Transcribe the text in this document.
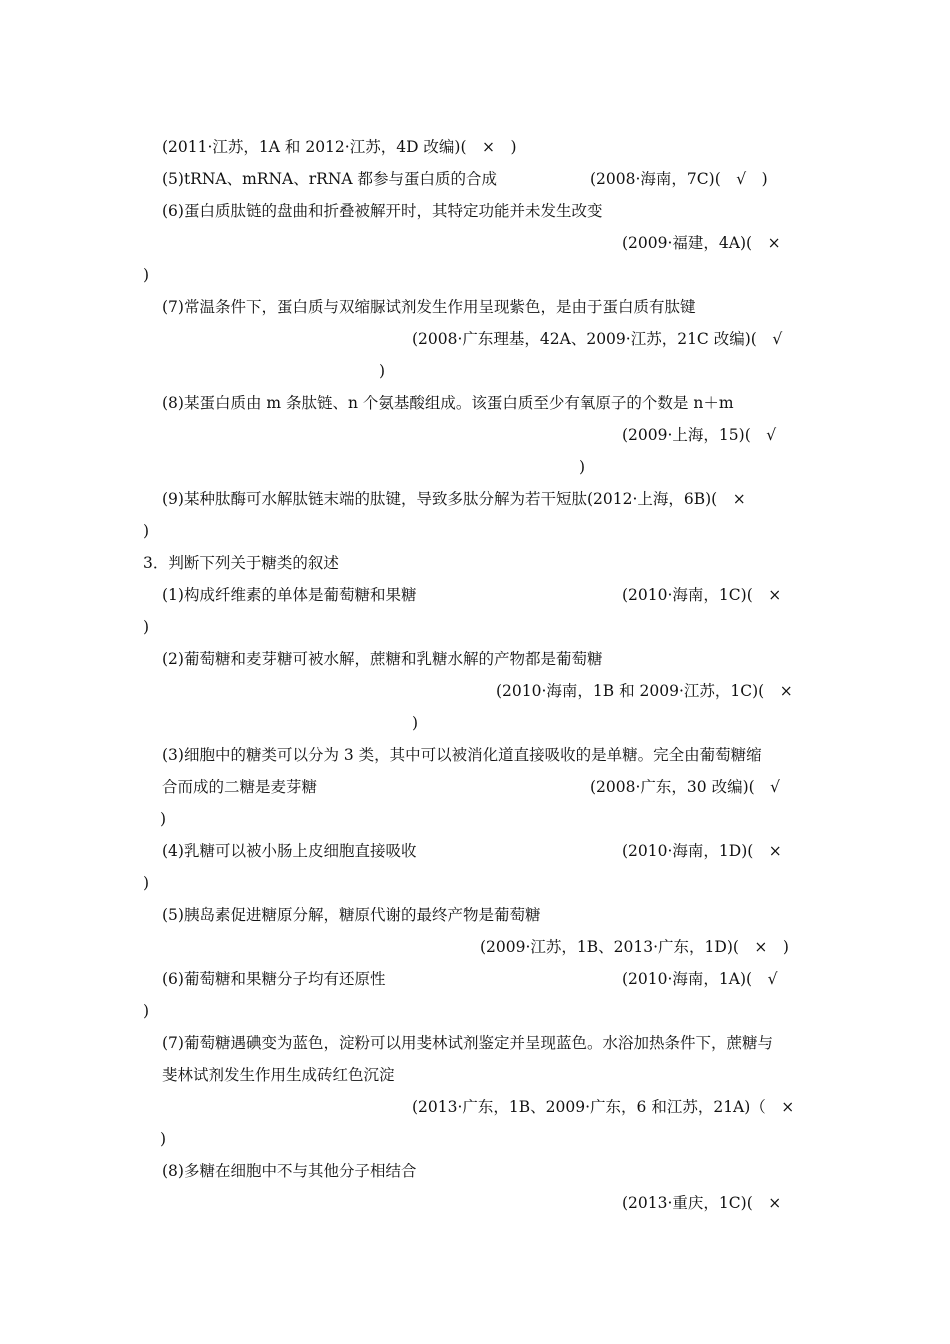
(2011·江苏，1A 和 2012·江苏，4D 改编)(　×　)
(5)tRNA、mRNA、rRNA 都参与蛋白质的合成	(2008·海南，7C)(　√　)
(6)蛋白质肽链的盘曲和折叠被解开时，其特定功能并未发生改变
(2009·福建，4A)(　×
)
(7)常温条件下，蛋白质与双缩脲试剂发生作用呈现紫色，是由于蛋白质有肽键
(2008·广东理基，42A、2009·江苏，21C 改编)(　√
)
(8)某蛋白质由 m 条肽链、n 个氨基酸组成。该蛋白质至少有氧原子的个数是 n＋m
(2009·上海，15)(　√
)
(9)某种肽酶可水解肽链末端的肽键，导致多肽分解为若干短肽(2012·上海，6B)(　×
)
3．判断下列关于糖类的叙述
(1)构成纤维素的单体是葡萄糖和果糖	(2010·海南，1C)(　×
)
(2)葡萄糖和麦芽糖可被水解，蔗糖和乳糖水解的产物都是葡萄糖
(2010·海南，1B 和 2009·江苏，1C)(　×
)
(3)细胞中的糖类可以分为 3 类，其中可以被消化道直接吸收的是单糖。完全由葡萄糖缩
合而成的二糖是麦芽糖	(2008·广东，30 改编)(　√
)
(4)乳糖可以被小肠上皮细胞直接吸收	(2010·海南，1D)(　×
)
(5)胰岛素促进糖原分解，糖原代谢的最终产物是葡萄糖
(2009·江苏，1B、2013·广东，1D)(　×　)
(6)葡萄糖和果糖分子均有还原性	(2010·海南，1A)(　√
)
(7)葡萄糖遇碘变为蓝色，淀粉可以用斐林试剂鉴定并呈现蓝色。水浴加热条件下，蔗糖与
斐林试剂发生作用生成砖红色沉淀
(2013·广东，1B、2009·广东，6 和江苏，21A)（　×
)
(8)多糖在细胞中不与其他分子相结合
(2013·重庆，1C)(　×
